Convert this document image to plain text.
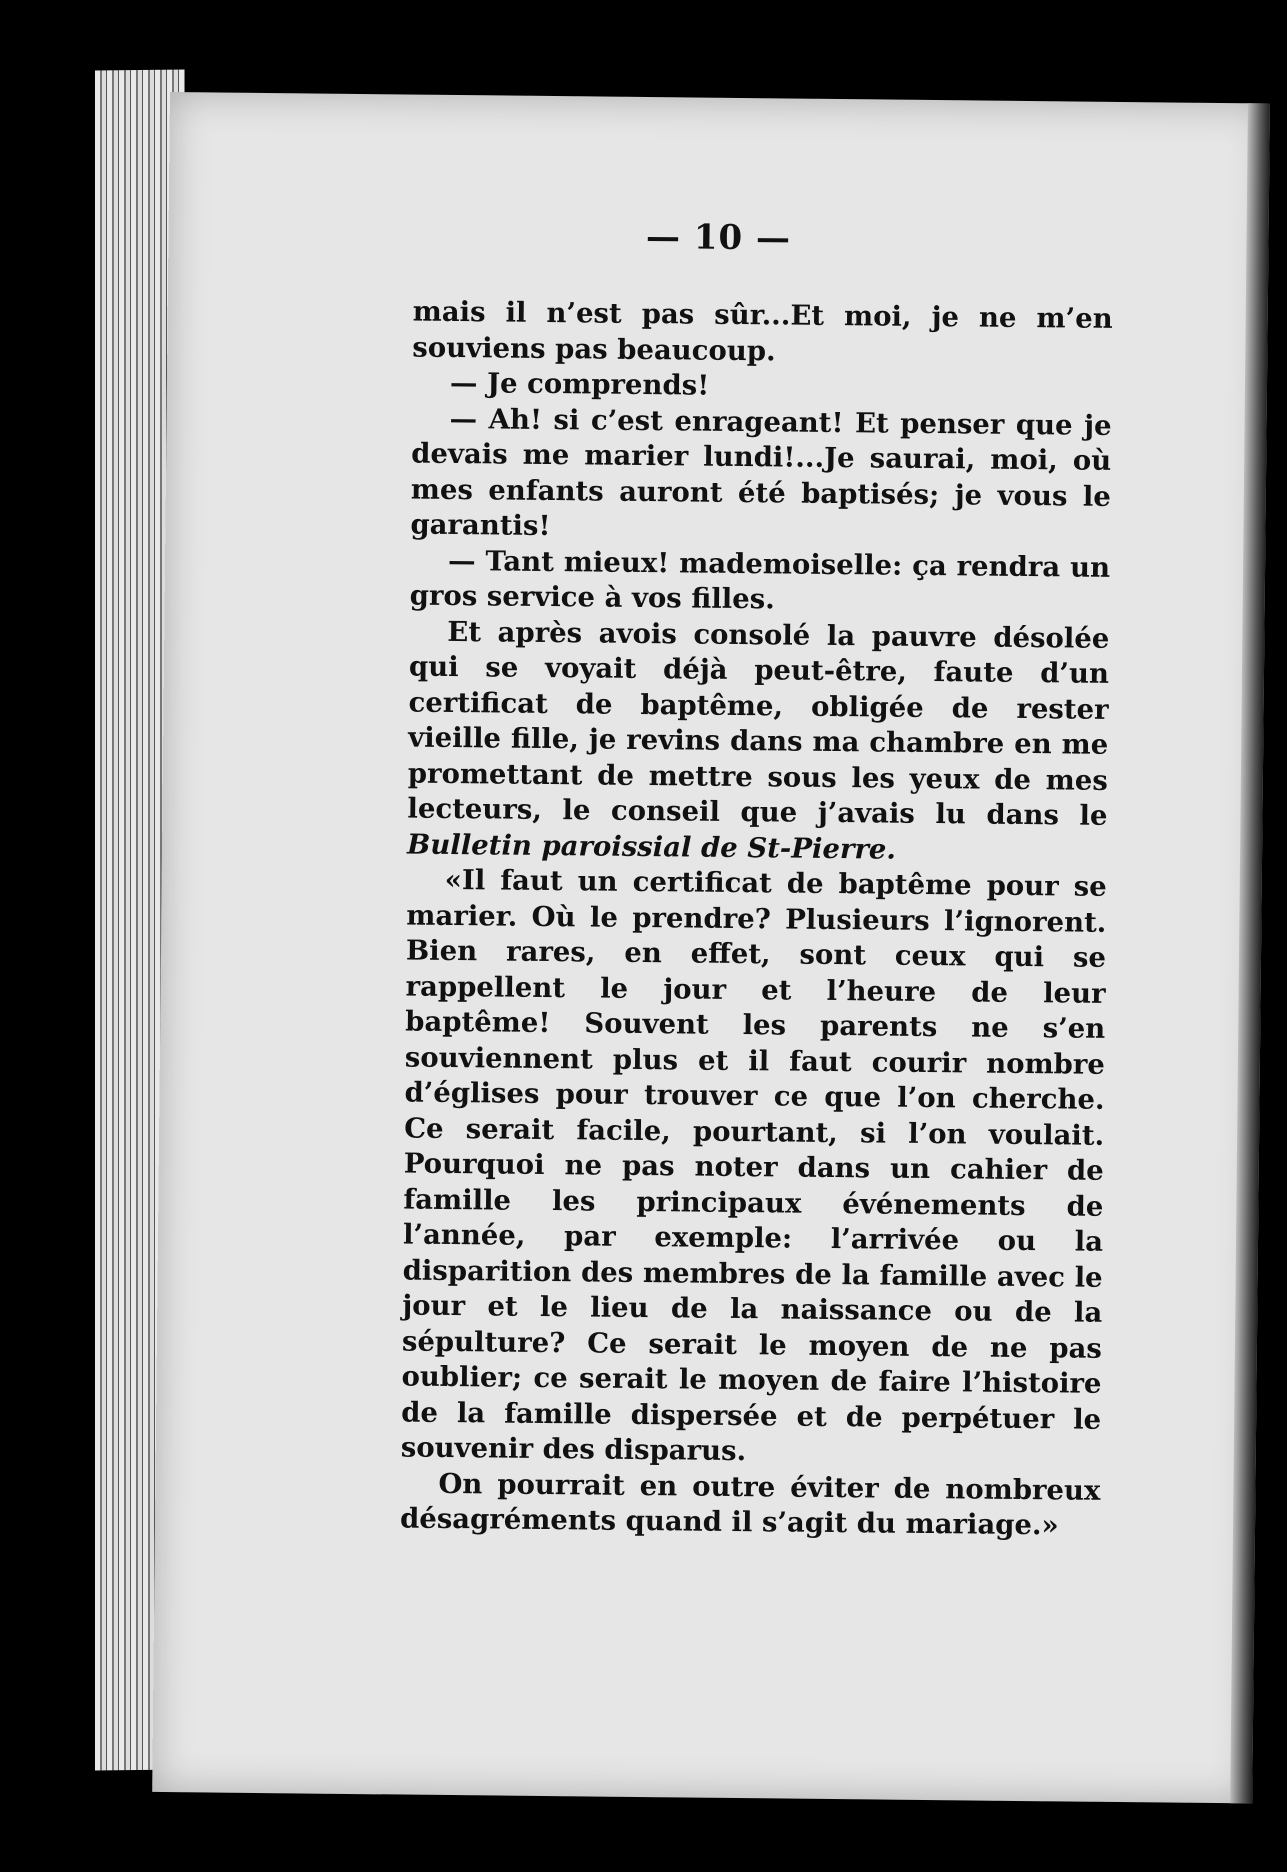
— 10 —

mais il n’est pas sûr...Et moi, je ne m’en souviens pas beaucoup.

— Je comprends!

— Ah! si c’est enrageant! Et penser que je devais me marier lundi!...Je saurai, moi, où mes enfants auront été baptisés; je vous le garantis!

— Tant mieux! mademoiselle: ça rendra un gros service à vos filles.

Et après avois consolé la pauvre désolée qui se voyait déjà peut-être, faute d’un certificat de baptême, obligée de rester vieille fille, je revins dans ma chambre en me promettant de mettre sous les yeux de mes lecteurs, le conseil que j’avais lu dans le Bulletin paroissial de St-Pierre.

«Il faut un certificat de baptême pour se marier. Où le prendre? Plusieurs l’ignorent. Bien rares, en effet, sont ceux qui se rappellent le jour et l’heure de leur baptême! Souvent les parents ne s’en souviennent plus et il faut courir nombre d’églises pour trouver ce que l’on cherche. Ce serait facile, pourtant, si l’on voulait. Pourquoi ne pas noter dans un cahier de famille les principaux événements de l’année, par exemple: l’arrivée ou la disparition des membres de la famille avec le jour et le lieu de la naissance ou de la sépulture? Ce serait le moyen de ne pas oublier; ce serait le moyen de faire l’histoire de la famille dispersée et de perpétuer le souvenir des disparus.

On pourrait en outre éviter de nombreux désagréments quand il s’agit du mariage.»
